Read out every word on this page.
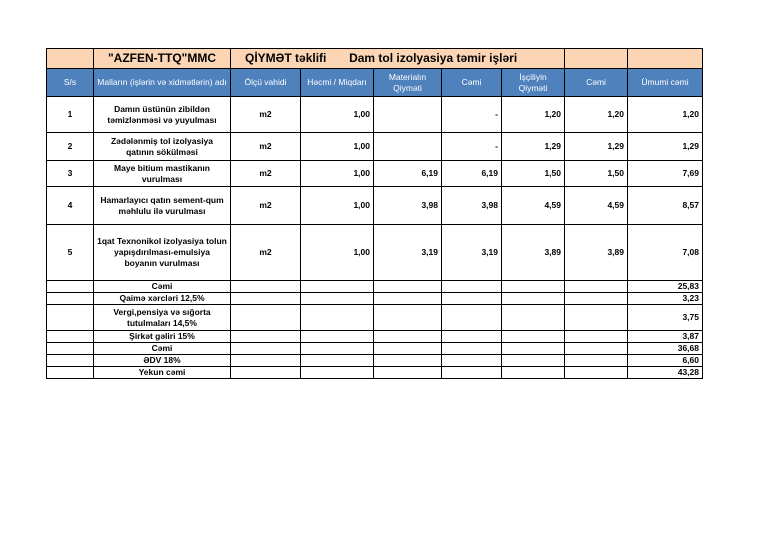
	"AZFEN-TTQ"MMC	QİYMƏT təklifi Dam tol izolyasiya təmir işləri						
S/s	Malların (işlərin və xidmətlərin) adı	Ölçü vahidi	Həcmi / Miqdarı	Materialın Qiyməti	Cəmi	İşçiliyin Qiyməti	Cəmi	Ümumi cəmi
1	Damın üstünün zibildən təmizlənməsi və yuyulması	m2	1,00		-	1,20	1,20	1,20
2	Zədələnmiş tol izolyasiya qatının sökülməsi	m2	1,00		-	1,29	1,29	1,29
3	Maye bitium mastikanın vurulması	m2	1,00	6,19	6,19	1,50	1,50	7,69
4	Hamarlayıcı qatın sement-qum məhlulu ilə vurulması	m2	1,00	3,98	3,98	4,59	4,59	8,57
5	1qat Texnonikol izolyasiya tolun yapışdırılması-emulsiya boyanın vurulması	m2	1,00	3,19	3,19	3,89	3,89	7,08
	Cəmi							25,83
	Qaimə xərcləri 12,5%							3,23
	Vergi,pensiya və sığorta tutulmaları 14,5%							3,75
	Şirkət gəliri 15%							3,87
	Cəmi							36,68
	ƏDV 18%							6,60
	Yekun cəmi							43,28
